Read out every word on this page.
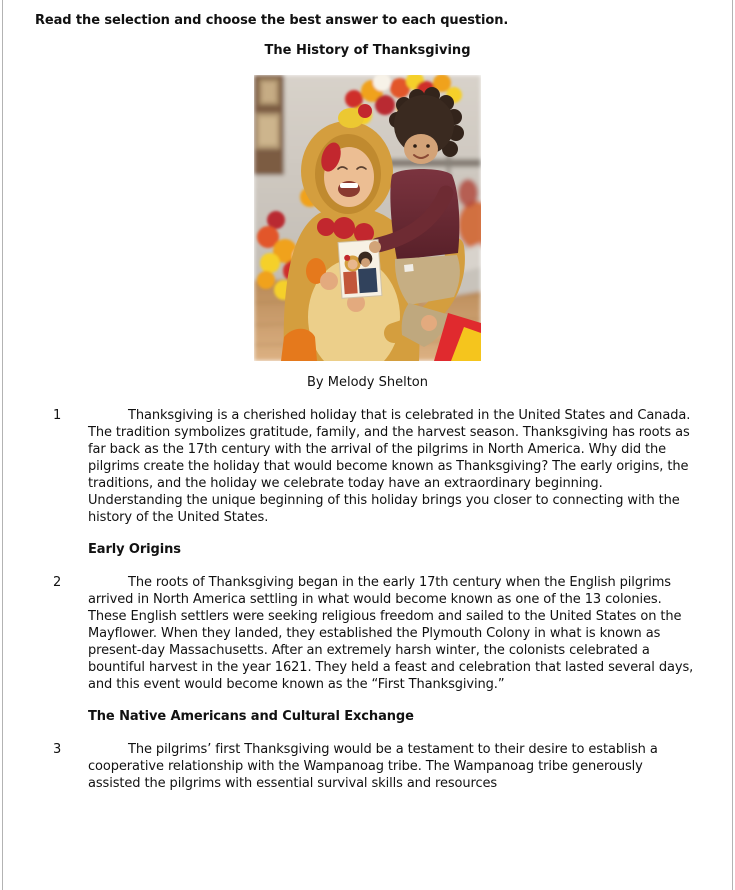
Read the selection and choose the best answer to each question.

The History of Thanksgiving

By Melody Shelton

1	Thanksgiving is a cherished holiday that is celebrated in the United States and Canada. The tradition symbolizes gratitude, family, and the harvest season. Thanksgiving has roots as far back as the 17th century with the arrival of the pilgrims in North America. Why did the pilgrims create the holiday that would become known as Thanksgiving? The early origins, the traditions, and the holiday we celebrate today have an extraordinary beginning. Understanding the unique beginning of this holiday brings you closer to connecting with the history of the United States.

Early Origins
2	The roots of Thanksgiving began in the early 17th century when the English pilgrims arrived in North America settling in what would become known as one of the 13 colonies. These English settlers were seeking religious freedom and sailed to the United States on the Mayflower. When they landed, they established the Plymouth Colony in what is known as present-day Massachusetts. After an extremely harsh winter, the colonists celebrated a bountiful harvest in the year 1621. They held a feast and celebration that lasted several days, and this event would become known as the “First Thanksgiving.”

The Native Americans and Cultural Exchange
3	The pilgrims’ first Thanksgiving would be a testament to their desire to establish a cooperative relationship with the Wampanoag tribe. The Wampanoag tribe generously assisted the pilgrims with essential survival skills and resources
